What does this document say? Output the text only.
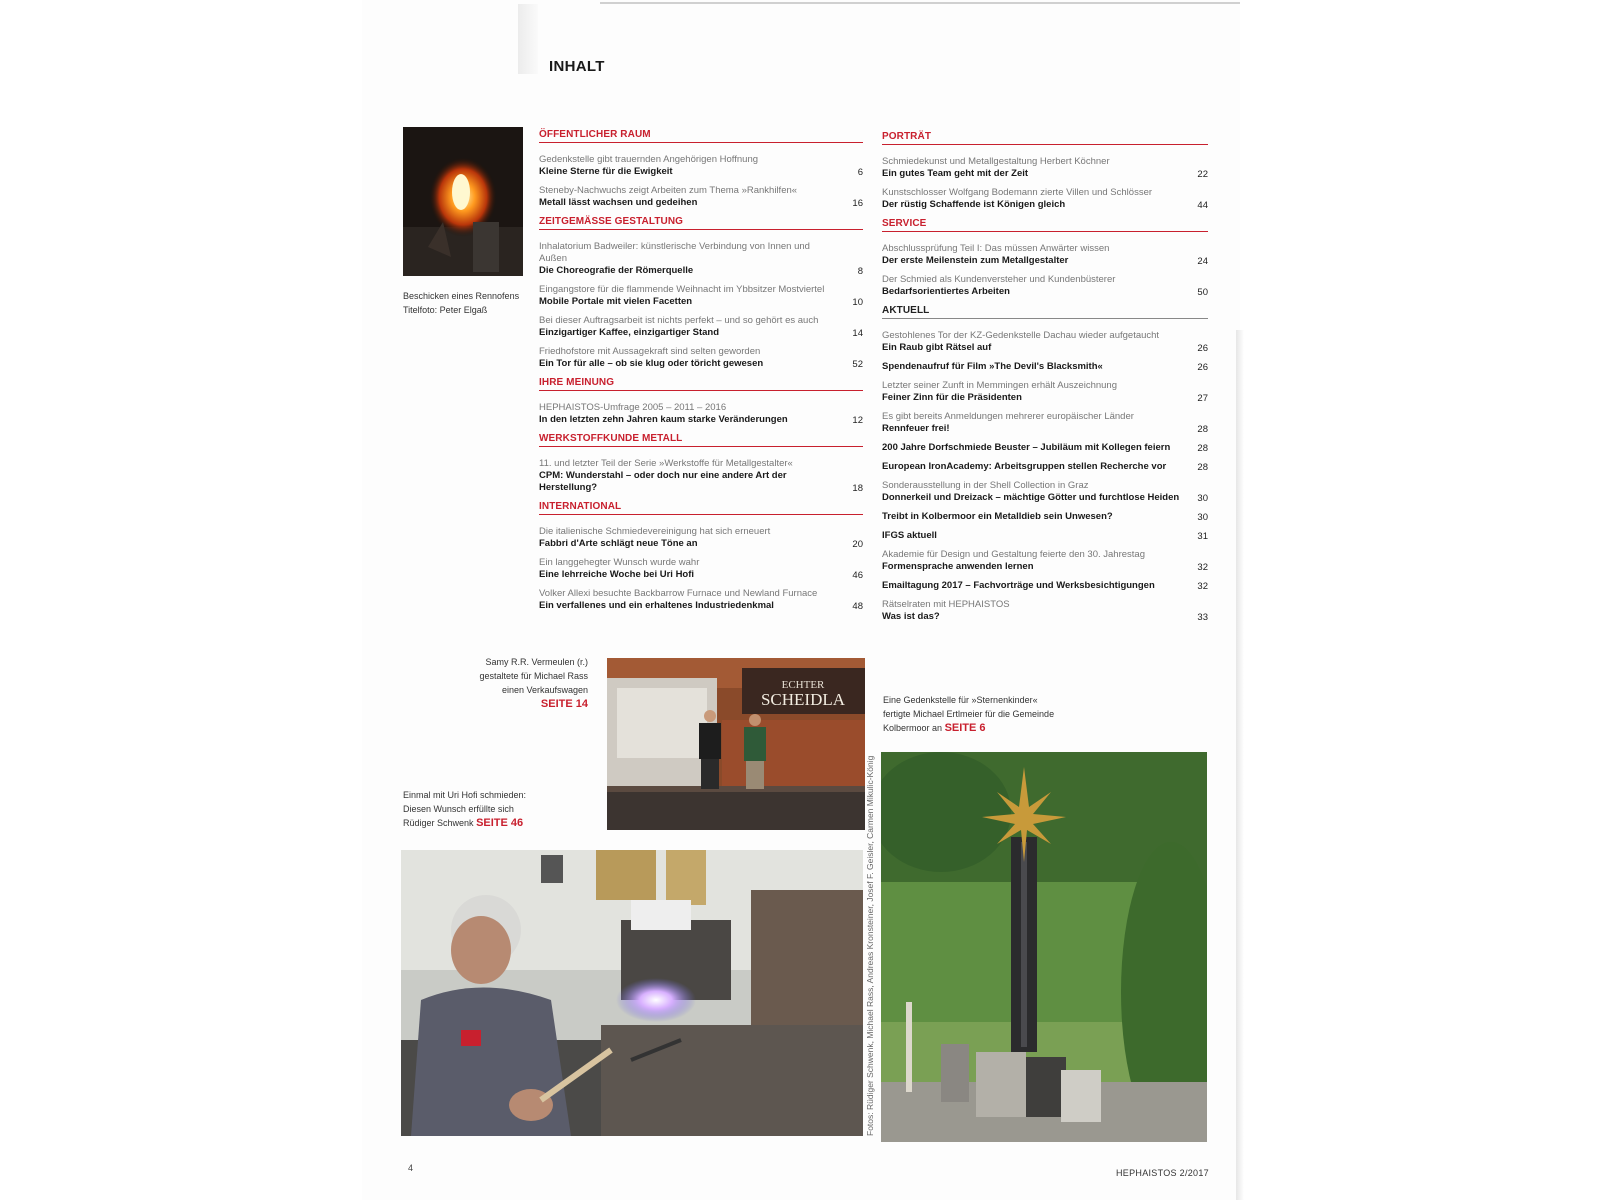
INHALT
ÖFFENTLICHER RAUM
Gedenkstelle gibt trauernden Angehörigen Hoffnung
Kleine Sterne für die Ewigkeit	6
Steneby-Nachwuchs zeigt Arbeiten zum Thema »Rankhilfen«
Metall lässt wachsen und gedeihen	16
ZEITGEMÄSSE GESTALTUNG
Inhalatorium Badweiler: künstlerische Verbindung von Innen und Außen
Die Choreografie der Römerquelle	8
Eingangstore für die flammende Weihnacht im Ybbsitzer Mostviertel
Mobile Portale mit vielen Facetten	10
Bei dieser Auftragsarbeit ist nichts perfekt – und so gehört es auch
Einzigartiger Kaffee, einzigartiger Stand	14
Friedhofstore mit Aussagekraft sind selten geworden
Ein Tor für alle – ob sie klug oder töricht gewesen	52
IHRE MEINUNG
HEPHAISTOS-Umfrage 2005 – 2011 – 2016
In den letzten zehn Jahren kaum starke Veränderungen	12
WERKSTOFFKUNDE METALL
11. und letzter Teil der Serie »Werkstoffe für Metallgestalter«
CPM: Wunderstahl – oder doch nur eine andere Art der Herstellung?	18
INTERNATIONAL
Die italienische Schmiedevereinigung hat sich erneuert
Fabbri d'Arte schlägt neue Töne an	20
Ein langgehegter Wunsch wurde wahr
Eine lehrreiche Woche bei Uri Hofi	46
Volker Allexi besuchte Backbarrow Furnace und Newland Furnace
Ein verfallenes und ein erhaltenes Industriedenkmal	48
PORTRÄT
Schmiedekunst und Metallgestaltung Herbert Köchner
Ein gutes Team geht mit der Zeit	22
Kunstschlosser Wolfgang Bodemann zierte Villen und Schlösser
Der rüstig Schaffende ist Königen gleich	44
SERVICE
Abschlussprüfung Teil I: Das müssen Anwärter wissen
Der erste Meilenstein zum Metallgestalter	24
Der Schmied als Kundenversteher und Kundenbüsterer
Bedarfsorientiertes Arbeiten	50
AKTUELL
Gestohlenes Tor der KZ-Gedenkstelle Dachau wieder aufgetaucht
Ein Raub gibt Rätsel auf	26
Spendenaufruf für Film »The Devil's Blacksmith«	26
Letzter seiner Zunft in Memmingen erhält Auszeichnung
Feiner Zinn für die Präsidenten	27
Es gibt bereits Anmeldungen mehrerer europäischer Länder
Rennfeuer frei!	28
200 Jahre Dorfschmiede Beuster – Jubiläum mit Kollegen feiern	28
European IronAcademy: Arbeitsgruppen stellen Recherche vor	28
Sonderausstellung in der Shell Collection in Graz
Donnerkeil und Dreizack – mächtige Götter und furchtlose Heiden 30
Treibt in Kolbermoor ein Metalldieb sein Unwesen?	30
IFGS aktuell	31
Akademie für Design und Gestaltung feierte den 30. Jahrestag
Formensprache anwenden lernen	32
Emailtagung 2017 – Fachvorträge und Werksbesichtigungen	32
Rätselraten mit HEPHAISTOS
Was ist das?	33
Beschicken eines Rennofens
Titelfoto: Peter Elgaß
Samy R.R. Vermeulen (r.)
gestaltete für Michael Rass
einen Verkaufswagen
SEITE 14
ECHTER
SCHEIDLA
Einmal mit Uri Hofi schmieden:
Diesen Wunsch erfüllte sich
Rüdiger Schwenk SEITE 46
Eine Gedenkstelle für »Sternenkinder«
fertigte Michael Ertlmeier für die Gemeinde
Kolbermoor an SEITE 6
Fotos: Rüdiger Schwenk, Michael Rass, Andreas Kronsteiner, Josef F. Geisler, Carmen Mikulic-König
4	HEPHAISTOS 2/2017
